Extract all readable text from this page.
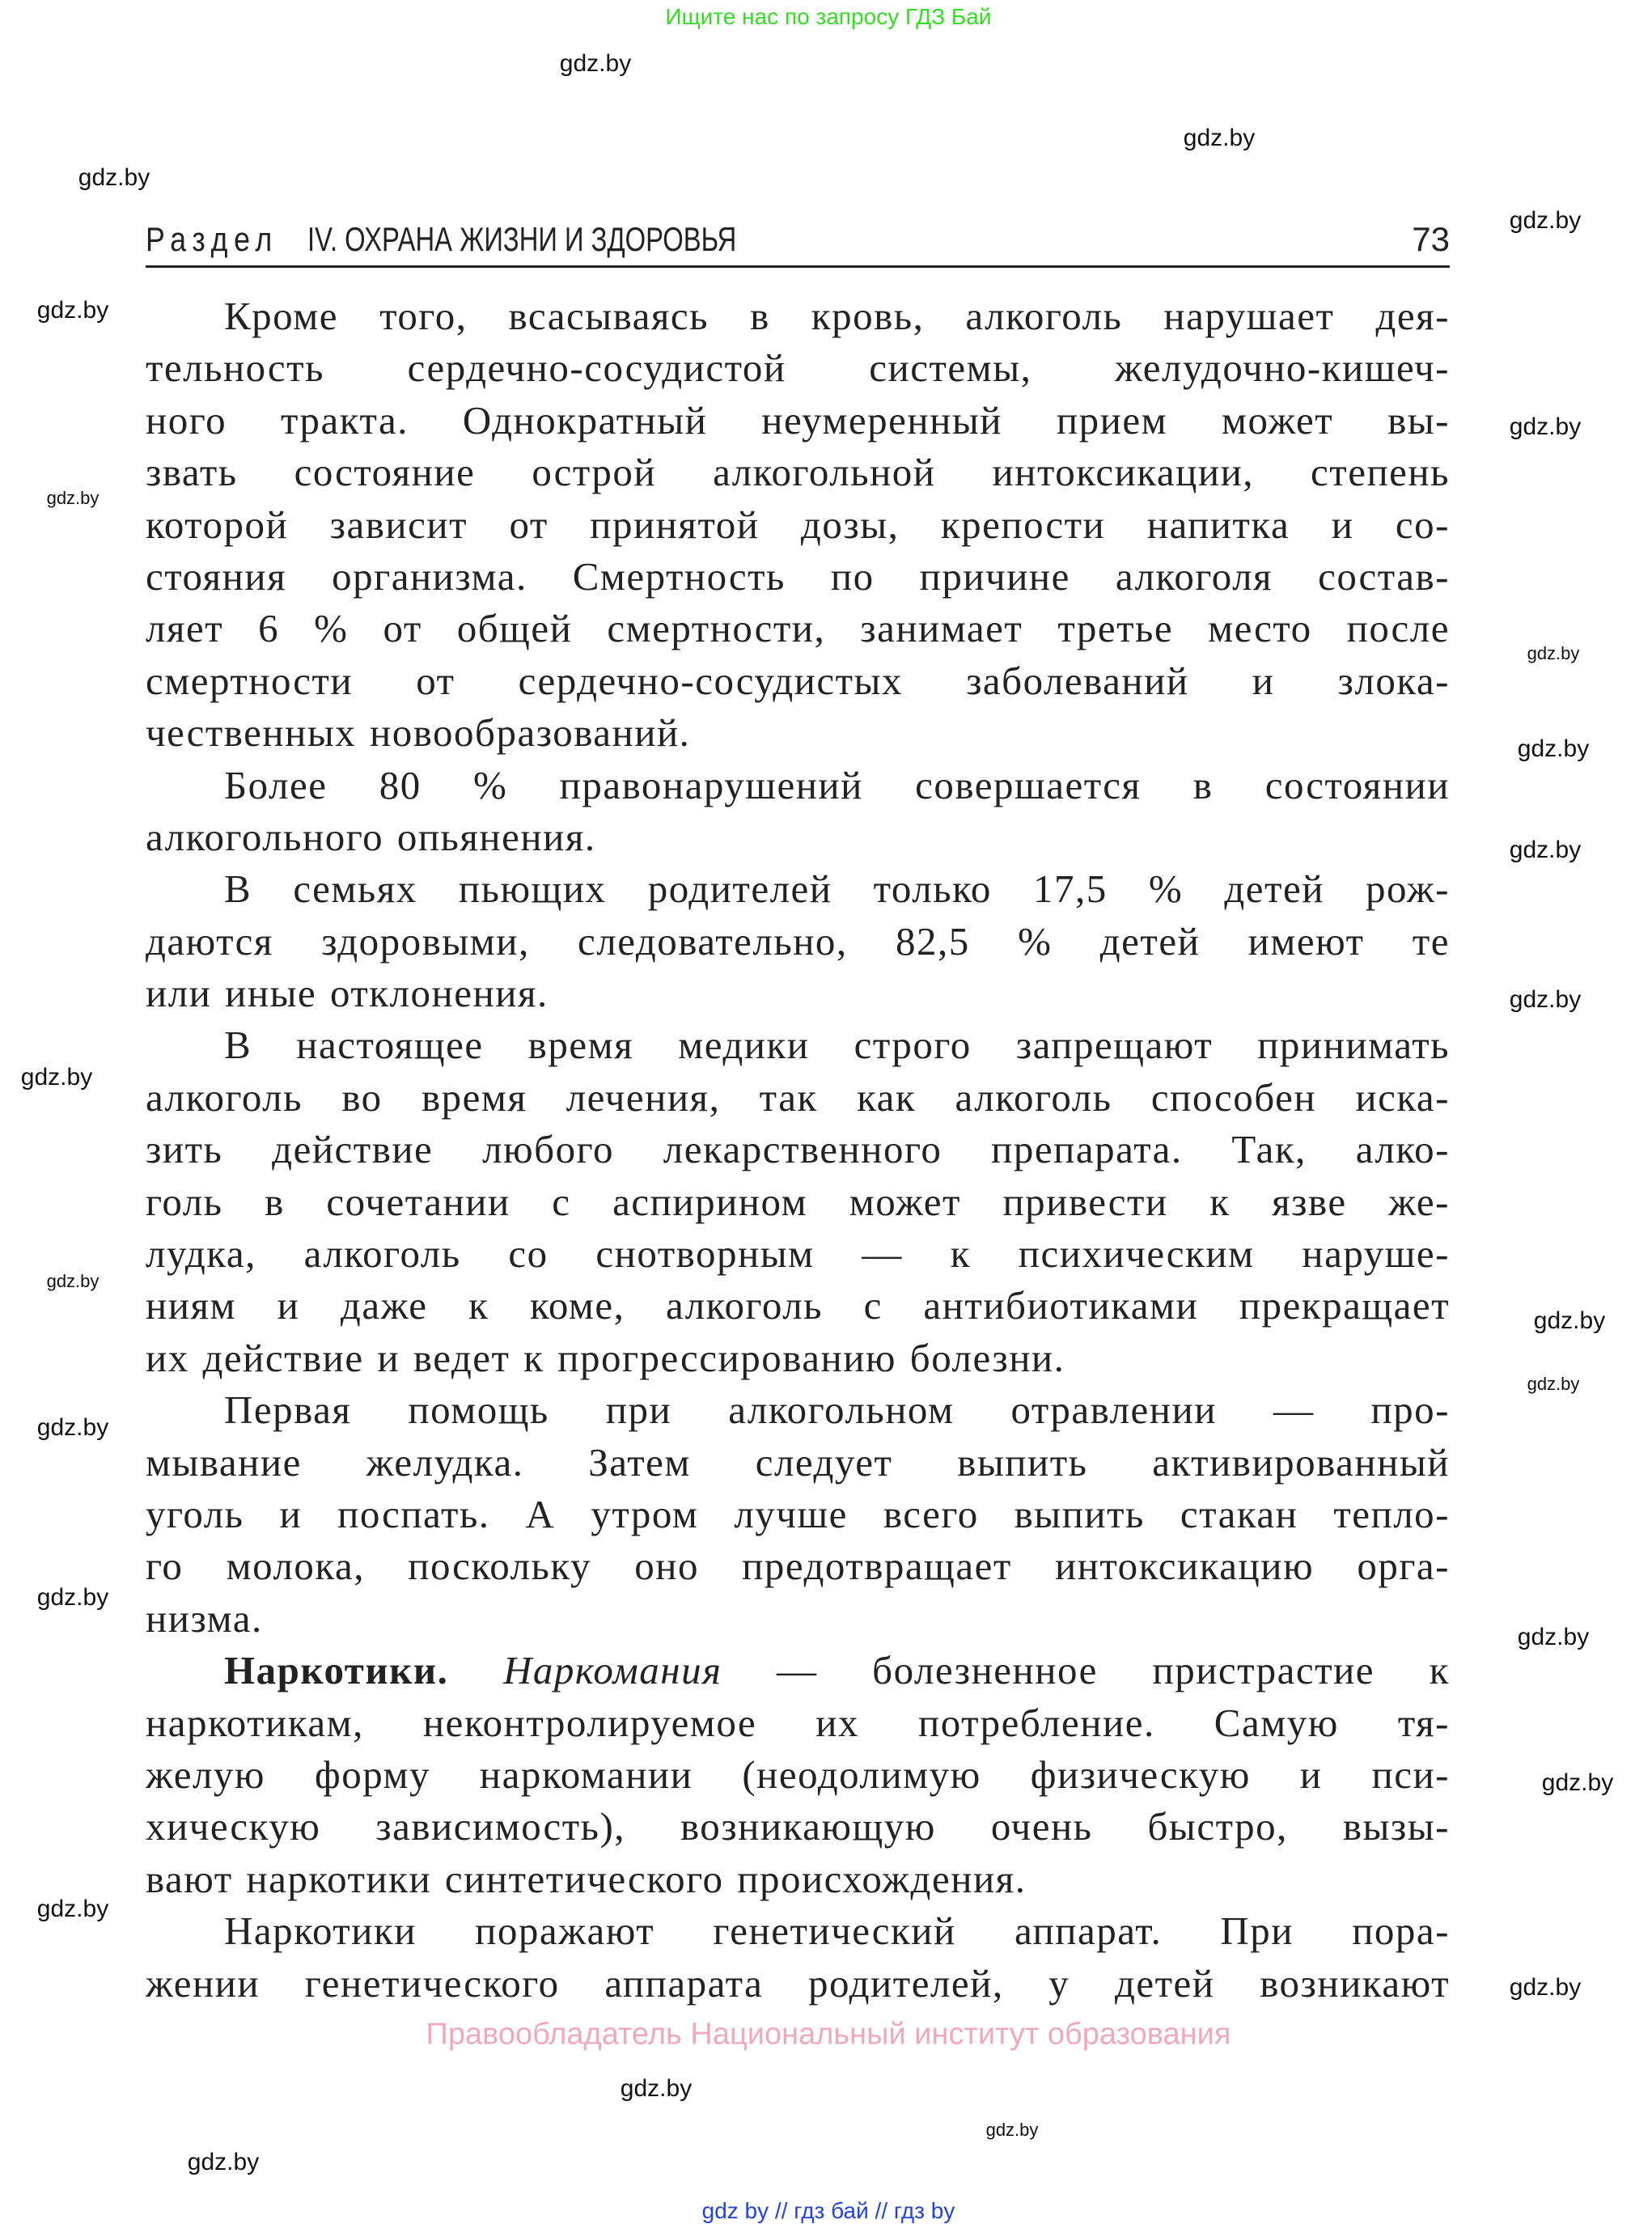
Ищите нас по запросу ГДЗ Бай
Раздел IV. ОХРАНА ЖИЗНИ И ЗДОРОВЬЯ	73
Кроме того, всасываясь в кровь, алкоголь нарушает дея-
тельность сердечно-сосудистой системы, желудочно-кишеч-
ного тракта. Однократный неумеренный прием может вы-
звать состояние острой алкогольной интоксикации, степень
которой зависит от принятой дозы, крепости напитка и со-
стояния организма. Смертность по причине алкоголя состав-
ляет 6 % от общей смертности, занимает третье место после
смертности от сердечно-сосудистых заболеваний и злока-
чественных новообразований.
Более 80 % правонарушений совершается в состоянии
алкогольного опьянения.
В семьях пьющих родителей только 17,5 % детей рож-
даются здоровыми, следовательно, 82,5 % детей имеют те
или иные отклонения.
В настоящее время медики строго запрещают принимать
алкоголь во время лечения, так как алкоголь способен иска-
зить действие любого лекарственного препарата. Так, алко-
голь в сочетании с аспирином может привести к язве же-
лудка, алкоголь со снотворным — к психическим наруше-
ниям и даже к коме, алкоголь с антибиотиками прекращает
их действие и ведет к прогрессированию болезни.
Первая помощь при алкогольном отравлении — про-
мывание желудка. Затем следует выпить активированный
уголь и поспать. А утром лучше всего выпить стакан тепло-
го молока, поскольку оно предотвращает интоксикацию орга-
низма.
Наркотики. Наркомания — болезненное пристрастие к
наркотикам, неконтролируемое их потребление. Самую тя-
желую форму наркомании (неодолимую физическую и пси-
хическую зависимость), возникающую очень быстро, вызы-
вают наркотики синтетического происхождения.
Наркотики поражают генетический аппарат. При пора-
жении генетического аппарата родителей, у детей возникают
gdz.by
gdz.by
gdz.by
gdz.by
gdz.by
gdz.by
gdz.by
gdz.by
gdz.by
gdz.by
gdz.by
gdz.by
gdz.by
gdz.by
gdz.by
gdz.by
gdz.by
gdz.by
gdz.by
gdz.by
gdz.by
gdz.by
gdz.by
gdz.by
Правообладатель Национальный институт образования
gdz by // гдз бай // гдз by
